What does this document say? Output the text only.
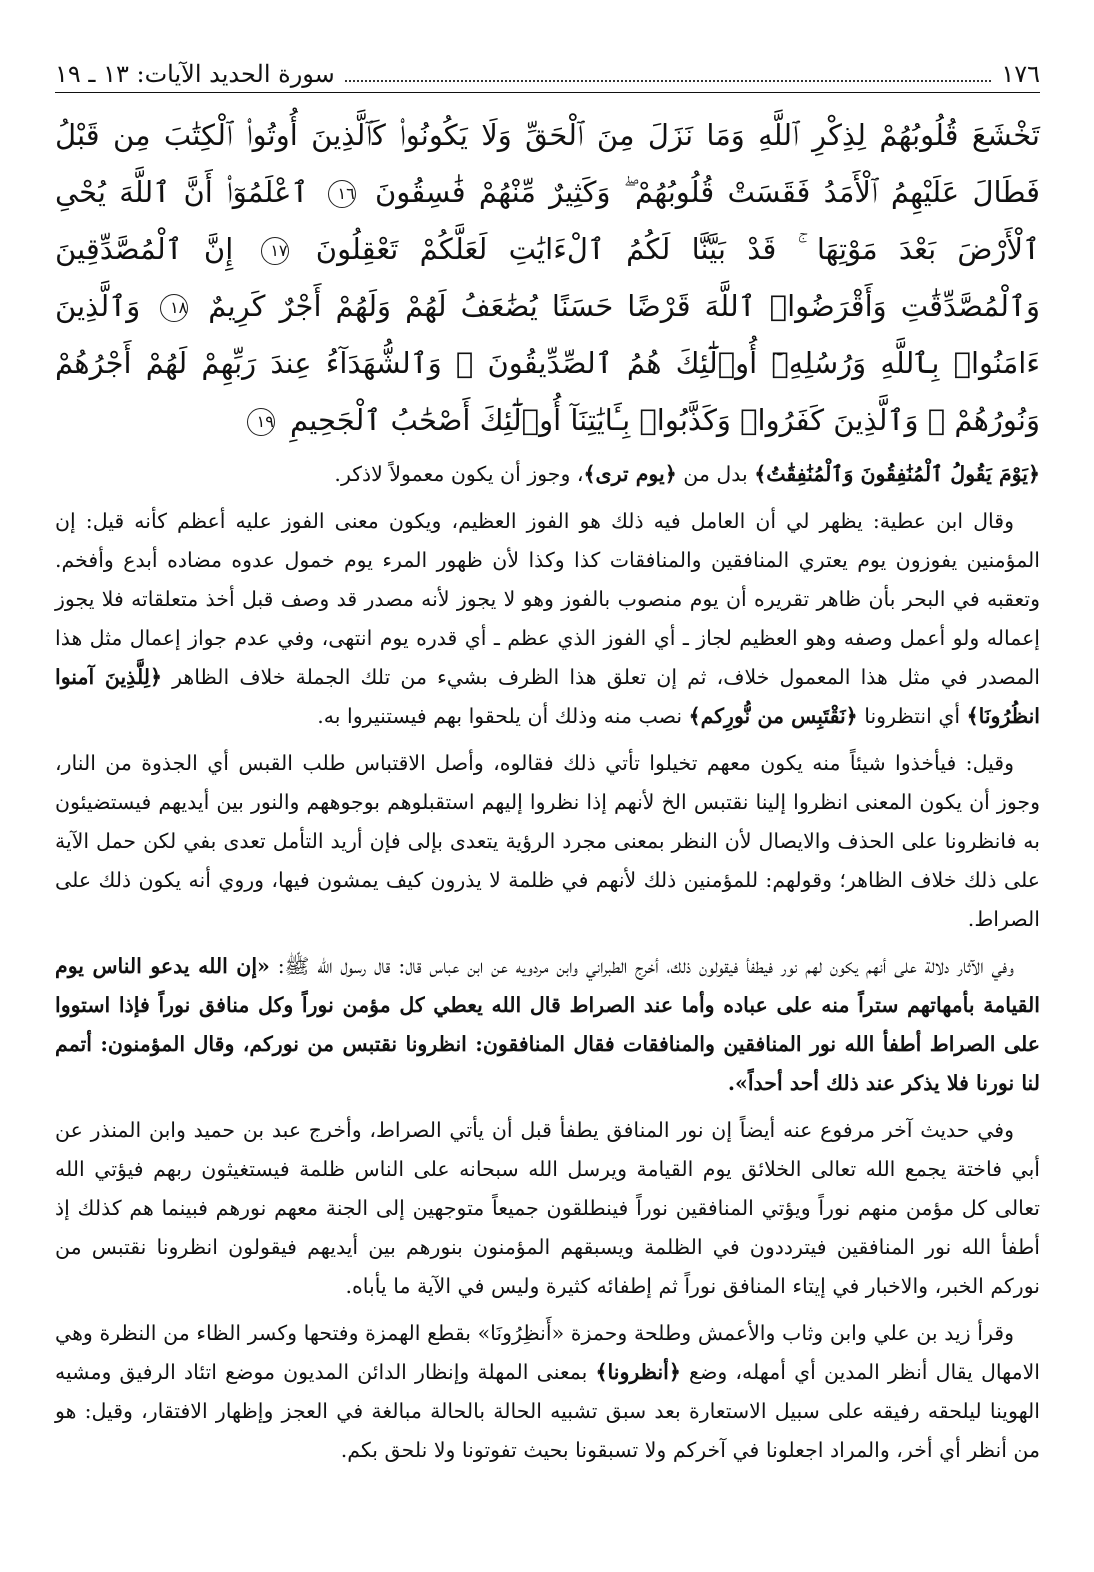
١٧٦
سورة الحديد الآيات: ١٣ ـ ١٩
تَخْشَعَ قُلُوبُهُمْ لِذِكْرِ ٱللَّهِ وَمَا نَزَلَ مِنَ ٱلْحَقِّ وَلَا يَكُونُوا۟ كَٱلَّذِينَ أُوتُوا۟ ٱلْكِتَٰبَ مِن قَبْلُ فَطَالَ عَلَيْهِمُ ٱلْأَمَدُ فَقَسَتْ قُلُوبُهُمْ ۖ وَكَثِيرٌ مِّنْهُمْ فَٰسِقُونَ ١٦ ٱعْلَمُوٓا۟ أَنَّ ٱللَّهَ يُحْىِ ٱلْأَرْضَ بَعْدَ مَوْتِهَا ۚ قَدْ بَيَّنَّا لَكُمُ ٱلْءَايَٰتِ لَعَلَّكُمْ تَعْقِلُونَ ١٧ إِنَّ ٱلْمُصَّدِّقِينَ وَٱلْمُصَّدِّقَٰتِ وَأَقْرَضُوا۟ ٱللَّهَ قَرْضًا حَسَنًا يُضَٰعَفُ لَهُمْ وَلَهُمْ أَجْرٌ كَرِيمٌ ١٨ وَٱلَّذِينَ ءَامَنُوا۟ بِٱللَّهِ وَرُسُلِهِۦٓ أُو۟لَٰٓئِكَ هُمُ ٱلصِّدِّيقُونَ ۖ وَٱلشُّهَدَآءُ عِندَ رَبِّهِمْ لَهُمْ أَجْرُهُمْ وَنُورُهُمْ ۖ وَٱلَّذِينَ كَفَرُوا۟ وَكَذَّبُوا۟ بِـَٔايَٰتِنَآ أُو۟لَٰٓئِكَ أَصْحَٰبُ ٱلْجَحِيمِ ١٩

﴿يَوْمَ يَقُولُ ٱلْمُنَٰفِقُونَ وَٱلْمُنَٰفِقَٰتُ﴾ بدل من ﴿يوم ترى﴾، وجوز أن يكون معمولاً لاذكر.

وقال ابن عطية: يظهر لي أن العامل فيه ذلك هو الفوز العظيم، ويكون معنى الفوز عليه أعظم كأنه قيل: إن المؤمنين يفوزون يوم يعتري المنافقين والمنافقات كذا وكذا لأن ظهور المرء يوم خمول عدوه مضاده أبدع وأفخم. وتعقبه في البحر بأن ظاهر تقريره أن يوم منصوب بالفوز وهو لا يجوز لأنه مصدر قد وصف قبل أخذ متعلقاته فلا يجوز إعماله ولو أعمل وصفه وهو العظيم لجاز ـ أي الفوز الذي عظم ـ أي قدره يوم انتهى، وفي عدم جواز إعمال مثل هذا المصدر في مثل هذا المعمول خلاف، ثم إن تعلق هذا الظرف بشيء من تلك الجملة خلاف الظاهر ﴿لِلَّذِينَ آمنوا انظُرُونَا﴾ أي انتظرونا ﴿نَقْتَبِس من نُّورِكم﴾ نصب منه وذلك أن يلحقوا بهم فيستنيروا به.

وقيل: فيأخذوا شيئاً منه يكون معهم تخيلوا تأتي ذلك فقالوه، وأصل الاقتباس طلب القبس أي الجذوة من النار، وجوز أن يكون المعنى انظروا إلينا نقتبس الخ لأنهم إذا نظروا إليهم استقبلوهم بوجوههم والنور بين أيديهم فيستضيئون به فانظرونا على الحذف والايصال لأن النظر بمعنى مجرد الرؤية يتعدى بإلى فإن أريد التأمل تعدى بفي لكن حمل الآية على ذلك خلاف الظاهر؛ وقولهم: للمؤمنين ذلك لأنهم في ظلمة لا يذرون كيف يمشون فيها، وروي أنه يكون ذلك على الصراط.

وفي الآثار دلالة على أنهم يكون لهم نور فيطفأ فيقولون ذلك، أخرج الطبراني وابن مردويه عن ابن عباس قال: قال رسول الله ﷺ: «إن الله يدعو الناس يوم القيامة بأمهاتهم ستراً منه على عباده وأما عند الصراط قال الله يعطي كل مؤمن نوراً وكل منافق نوراً فإذا استووا على الصراط أطفأ الله نور المنافقين والمنافقات فقال المنافقون: انظرونا نقتبس من نوركم، وقال المؤمنون: أتمم لنا نورنا فلا يذكر عند ذلك أحد أحداً».

وفي حديث آخر مرفوع عنه أيضاً إن نور المنافق يطفأ قبل أن يأتي الصراط، وأخرج عبد بن حميد وابن المنذر عن أبي فاختة يجمع الله تعالى الخلائق يوم القيامة ويرسل الله سبحانه على الناس ظلمة فيستغيثون ربهم فيؤتي الله تعالى كل مؤمن منهم نوراً ويؤتي المنافقين نوراً فينطلقون جميعاً متوجهين إلى الجنة معهم نورهم فبينما هم كذلك إذ أطفأ الله نور المنافقين فيترددون في الظلمة ويسبقهم المؤمنون بنورهم بين أيديهم فيقولون انظرونا نقتبس من نوركم الخبر، والاخبار في إيتاء المنافق نوراً ثم إطفائه كثيرة وليس في الآية ما يأباه.

وقرأ زيد بن علي وابن وثاب والأعمش وطلحة وحمزة «أَنظِرُونَا» بقطع الهمزة وفتحها وكسر الظاء من النظرة وهي الامهال يقال أنظر المدين أي أمهله، وضع ﴿أنظرونا﴾ بمعنى المهلة وإنظار الدائن المديون موضع اتئاد الرفيق ومشيه الهوينا ليلحقه رفيقه على سبيل الاستعارة بعد سبق تشبيه الحالة بالحالة مبالغة في العجز وإظهار الافتقار، وقيل: هو من أنظر أي أخر، والمراد اجعلونا في آخركم ولا تسبقونا بحيث تفوتونا ولا نلحق بكم.
